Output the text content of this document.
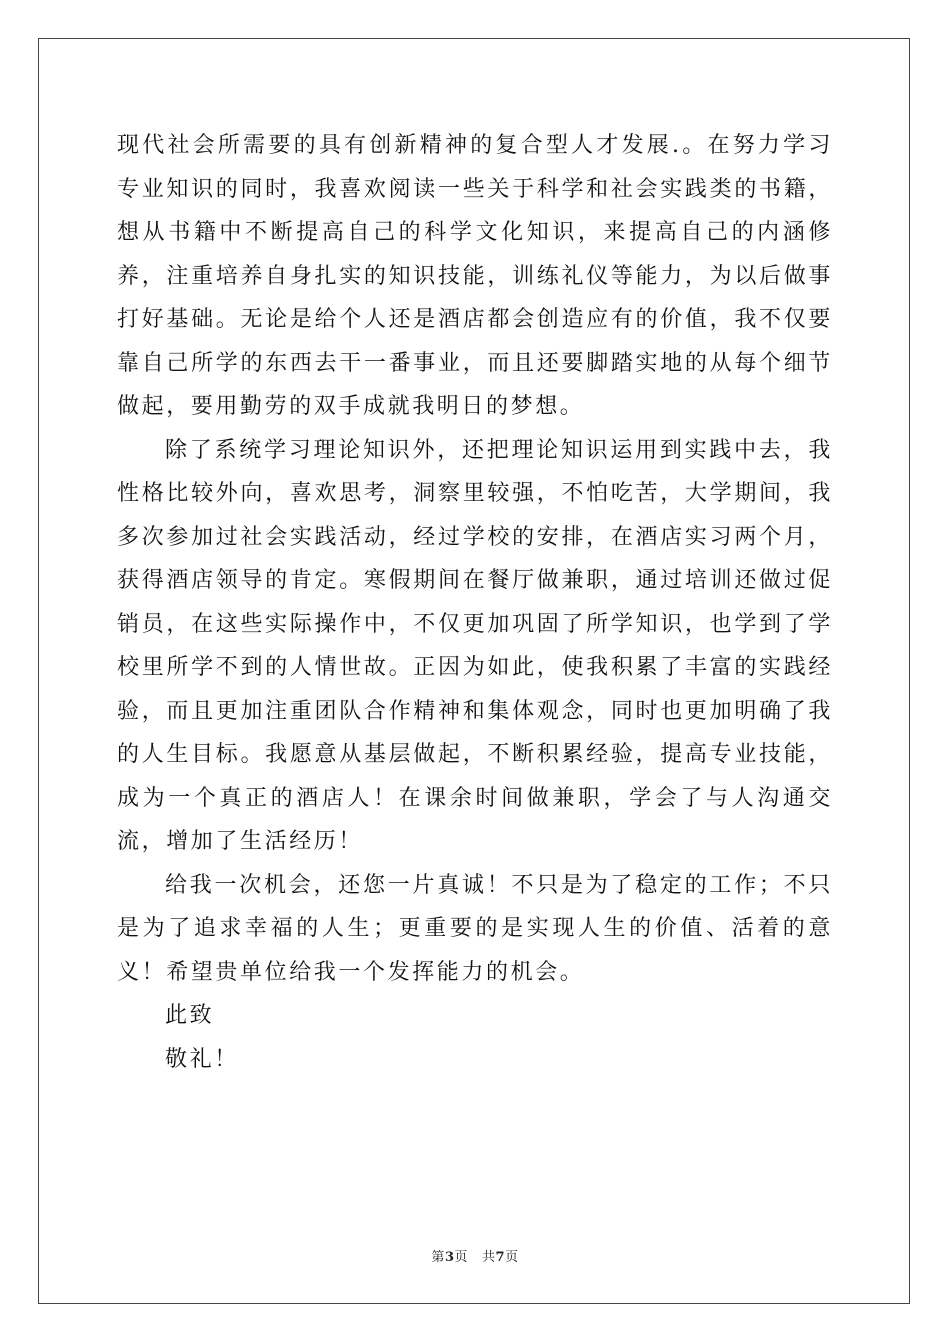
现代社会所需要的具有创新精神的复合型人才发展.。在努力学习专业知识的同时，我喜欢阅读一些关于科学和社会实践类的书籍，想从书籍中不断提高自己的科学文化知识，来提高自己的内涵修养，注重培养自身扎实的知识技能，训练礼仪等能力，为以后做事打好基础。无论是给个人还是酒店都会创造应有的价值，我不仅要靠自己所学的东西去干一番事业，而且还要脚踏实地的从每个细节做起，要用勤劳的双手成就我明日的梦想。

除了系统学习理论知识外，还把理论知识运用到实践中去，我性格比较外向，喜欢思考，洞察里较强，不怕吃苦，大学期间，我多次参加过社会实践活动，经过学校的安排，在酒店实习两个月，获得酒店领导的肯定。寒假期间在餐厅做兼职，通过培训还做过促销员，在这些实际操作中，不仅更加巩固了所学知识，也学到了学校里所学不到的人情世故。正因为如此，使我积累了丰富的实践经验，而且更加注重团队合作精神和集体观念，同时也更加明确了我的人生目标。我愿意从基层做起，不断积累经验，提高专业技能，成为一个真正的酒店人！在课余时间做兼职，学会了与人沟通交流，增加了生活经历！

给我一次机会，还您一片真诚！不只是为了稳定的工作；不只是为了追求幸福的人生；更重要的是实现人生的价值、活着的意义！希望贵单位给我一个发挥能力的机会。

此致

敬礼！

第3页 共7页
